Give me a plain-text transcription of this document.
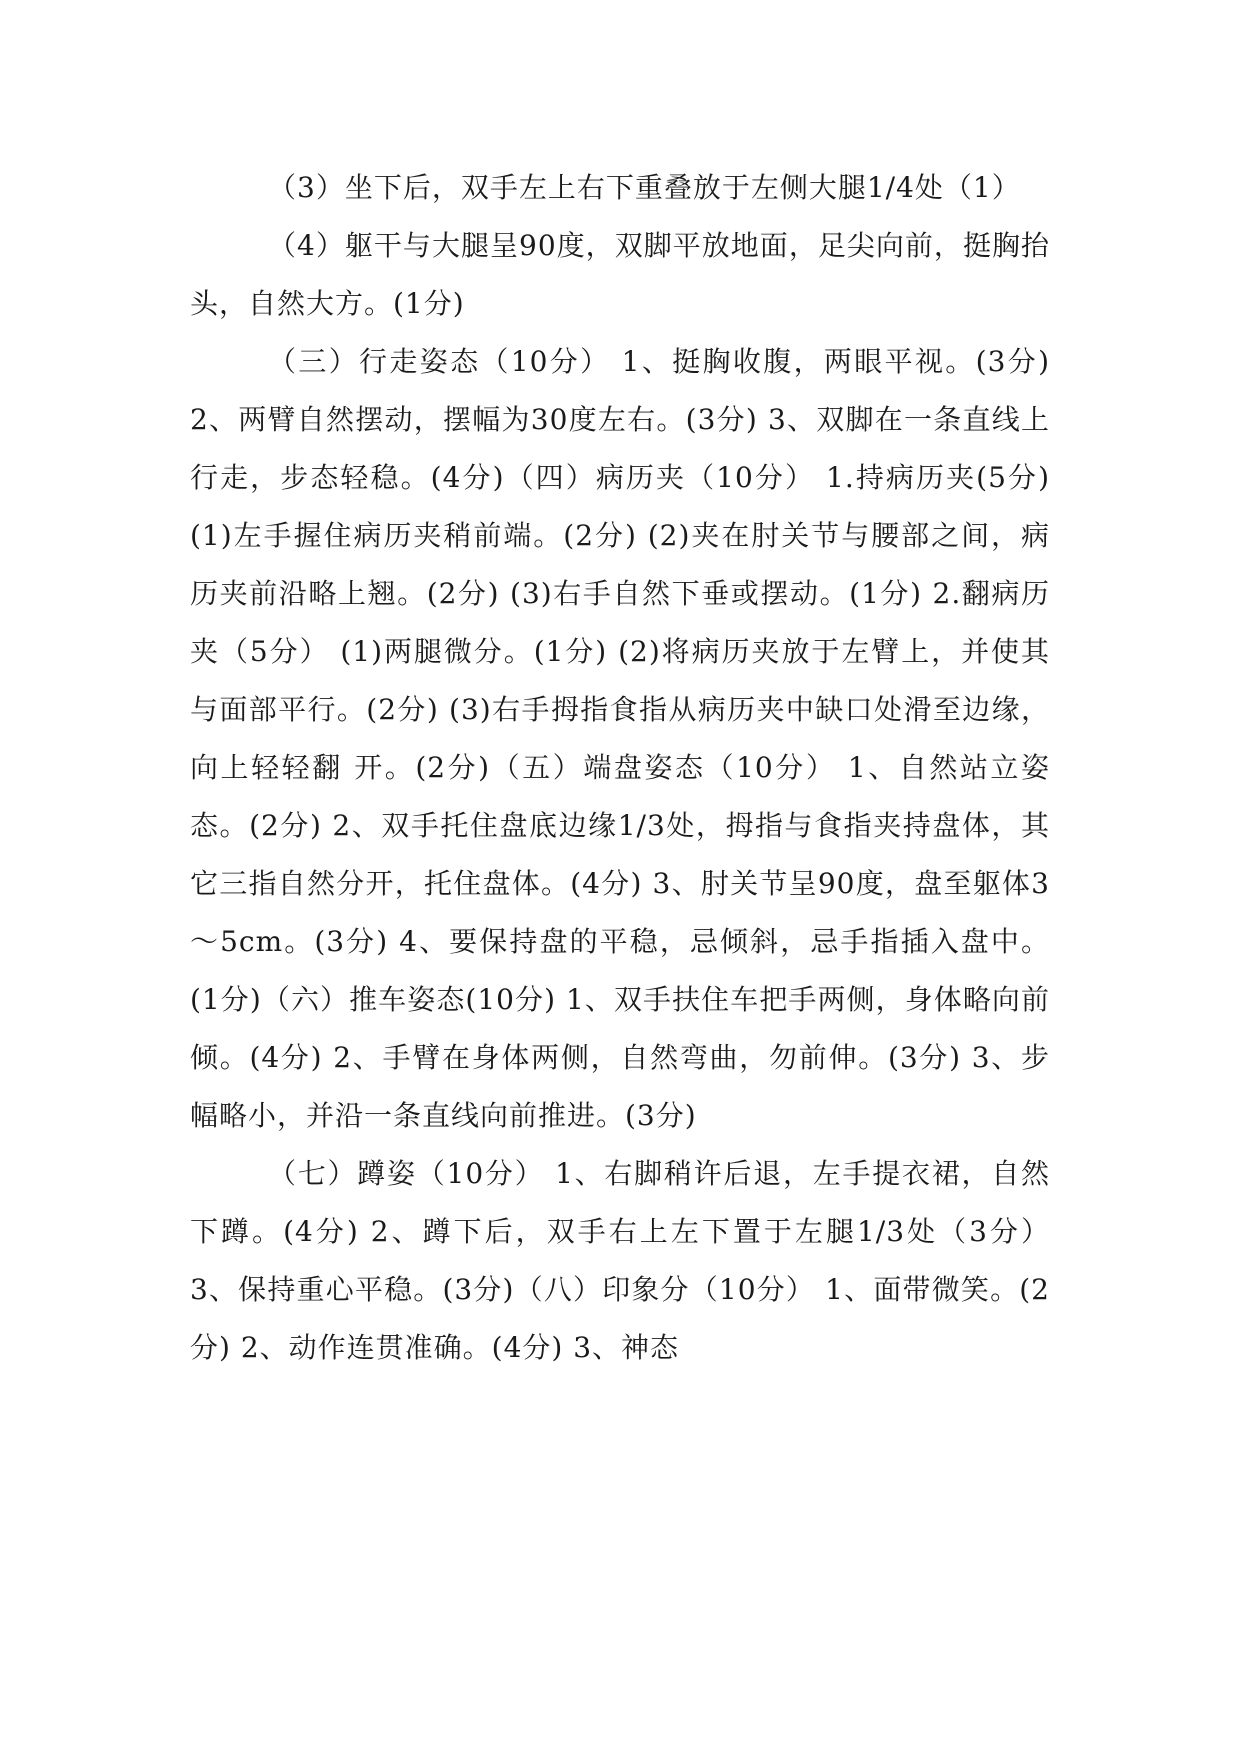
（3）坐下后，双手左上右下重叠放于左侧大腿1/4处（1）

（4）躯干与大腿呈90度，双脚平放地面，足尖向前，挺胸抬头，自然大方。(1分)

（三）行走姿态（10分） 1、挺胸收腹，两眼平视。(3分) 2、两臂自然摆动，摆幅为30度左右。(3分) 3、双脚在一条直线上行走，步态轻稳。(4分)（四）病历夹（10分） 1.持病历夹(5分) (1)左手握住病历夹稍前端。(2分) (2)夹在肘关节与腰部之间，病历夹前沿略上翘。(2分) (3)右手自然下垂或摆动。(1分) 2.翻病历夹（5分） (1)两腿微分。(1分) (2)将病历夹放于左臂上，并使其与面部平行。(2分) (3)右手拇指食指从病历夹中缺口处滑至边缘，向上轻轻翻 开。(2分)（五）端盘姿态（10分） 1、自然站立姿态。(2分) 2、双手托住盘底边缘1/3处，拇指与食指夹持盘体，其它三指自然分开，托住盘体。(4分) 3、肘关节呈90度，盘至躯体3～5cm。(3分) 4、要保持盘的平稳，忌倾斜，忌手指插入盘中。(1分)（六）推车姿态(10分) 1、双手扶住车把手两侧，身体略向前倾。(4分) 2、手臂在身体两侧，自然弯曲，勿前伸。(3分) 3、步幅略小，并沿一条直线向前推进。(3分)

（七）蹲姿（10分） 1、右脚稍许后退，左手提衣裙，自然下蹲。(4分) 2、蹲下后，双手右上左下置于左腿1/3处（3分） 3、保持重心平稳。(3分)（八）印象分（10分） 1、面带微笑。(2分) 2、动作连贯准确。(4分) 3、神态
